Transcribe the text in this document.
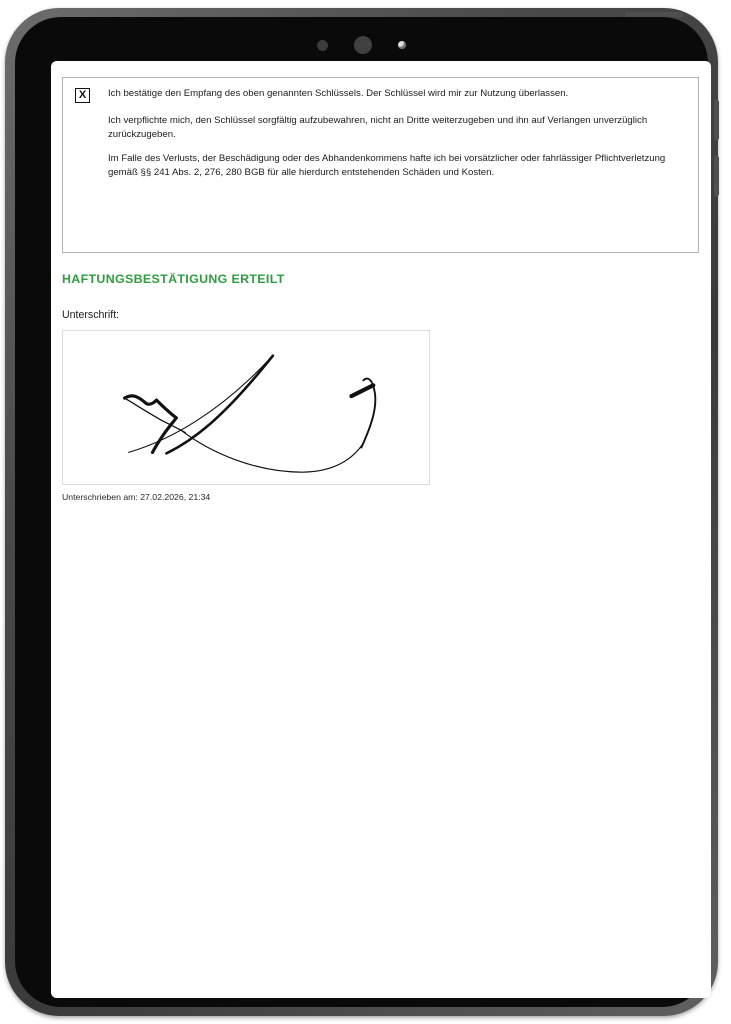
X	Ich bestätige den Empfang des oben genannten Schlüssels. Der Schlüssel wird mir zur Nutzung überlassen.

Ich verpflichte mich, den Schlüssel sorgfältig aufzubewahren, nicht an Dritte weiterzugeben und ihn auf Verlangen unverzüglich zurückzugeben.

Im Falle des Verlusts, der Beschädigung oder des Abhandenkommens hafte ich bei vorsätzlicher oder fahrlässiger Pflichtverletzung gemäß §§ 241 Abs. 2, 276, 280 BGB für alle hierdurch entstehenden Schäden und Kosten.

HAFTUNGSBESTÄTIGUNG ERTEILT
Unterschrift:
Unterschrieben am: 27.02.2026, 21:34
